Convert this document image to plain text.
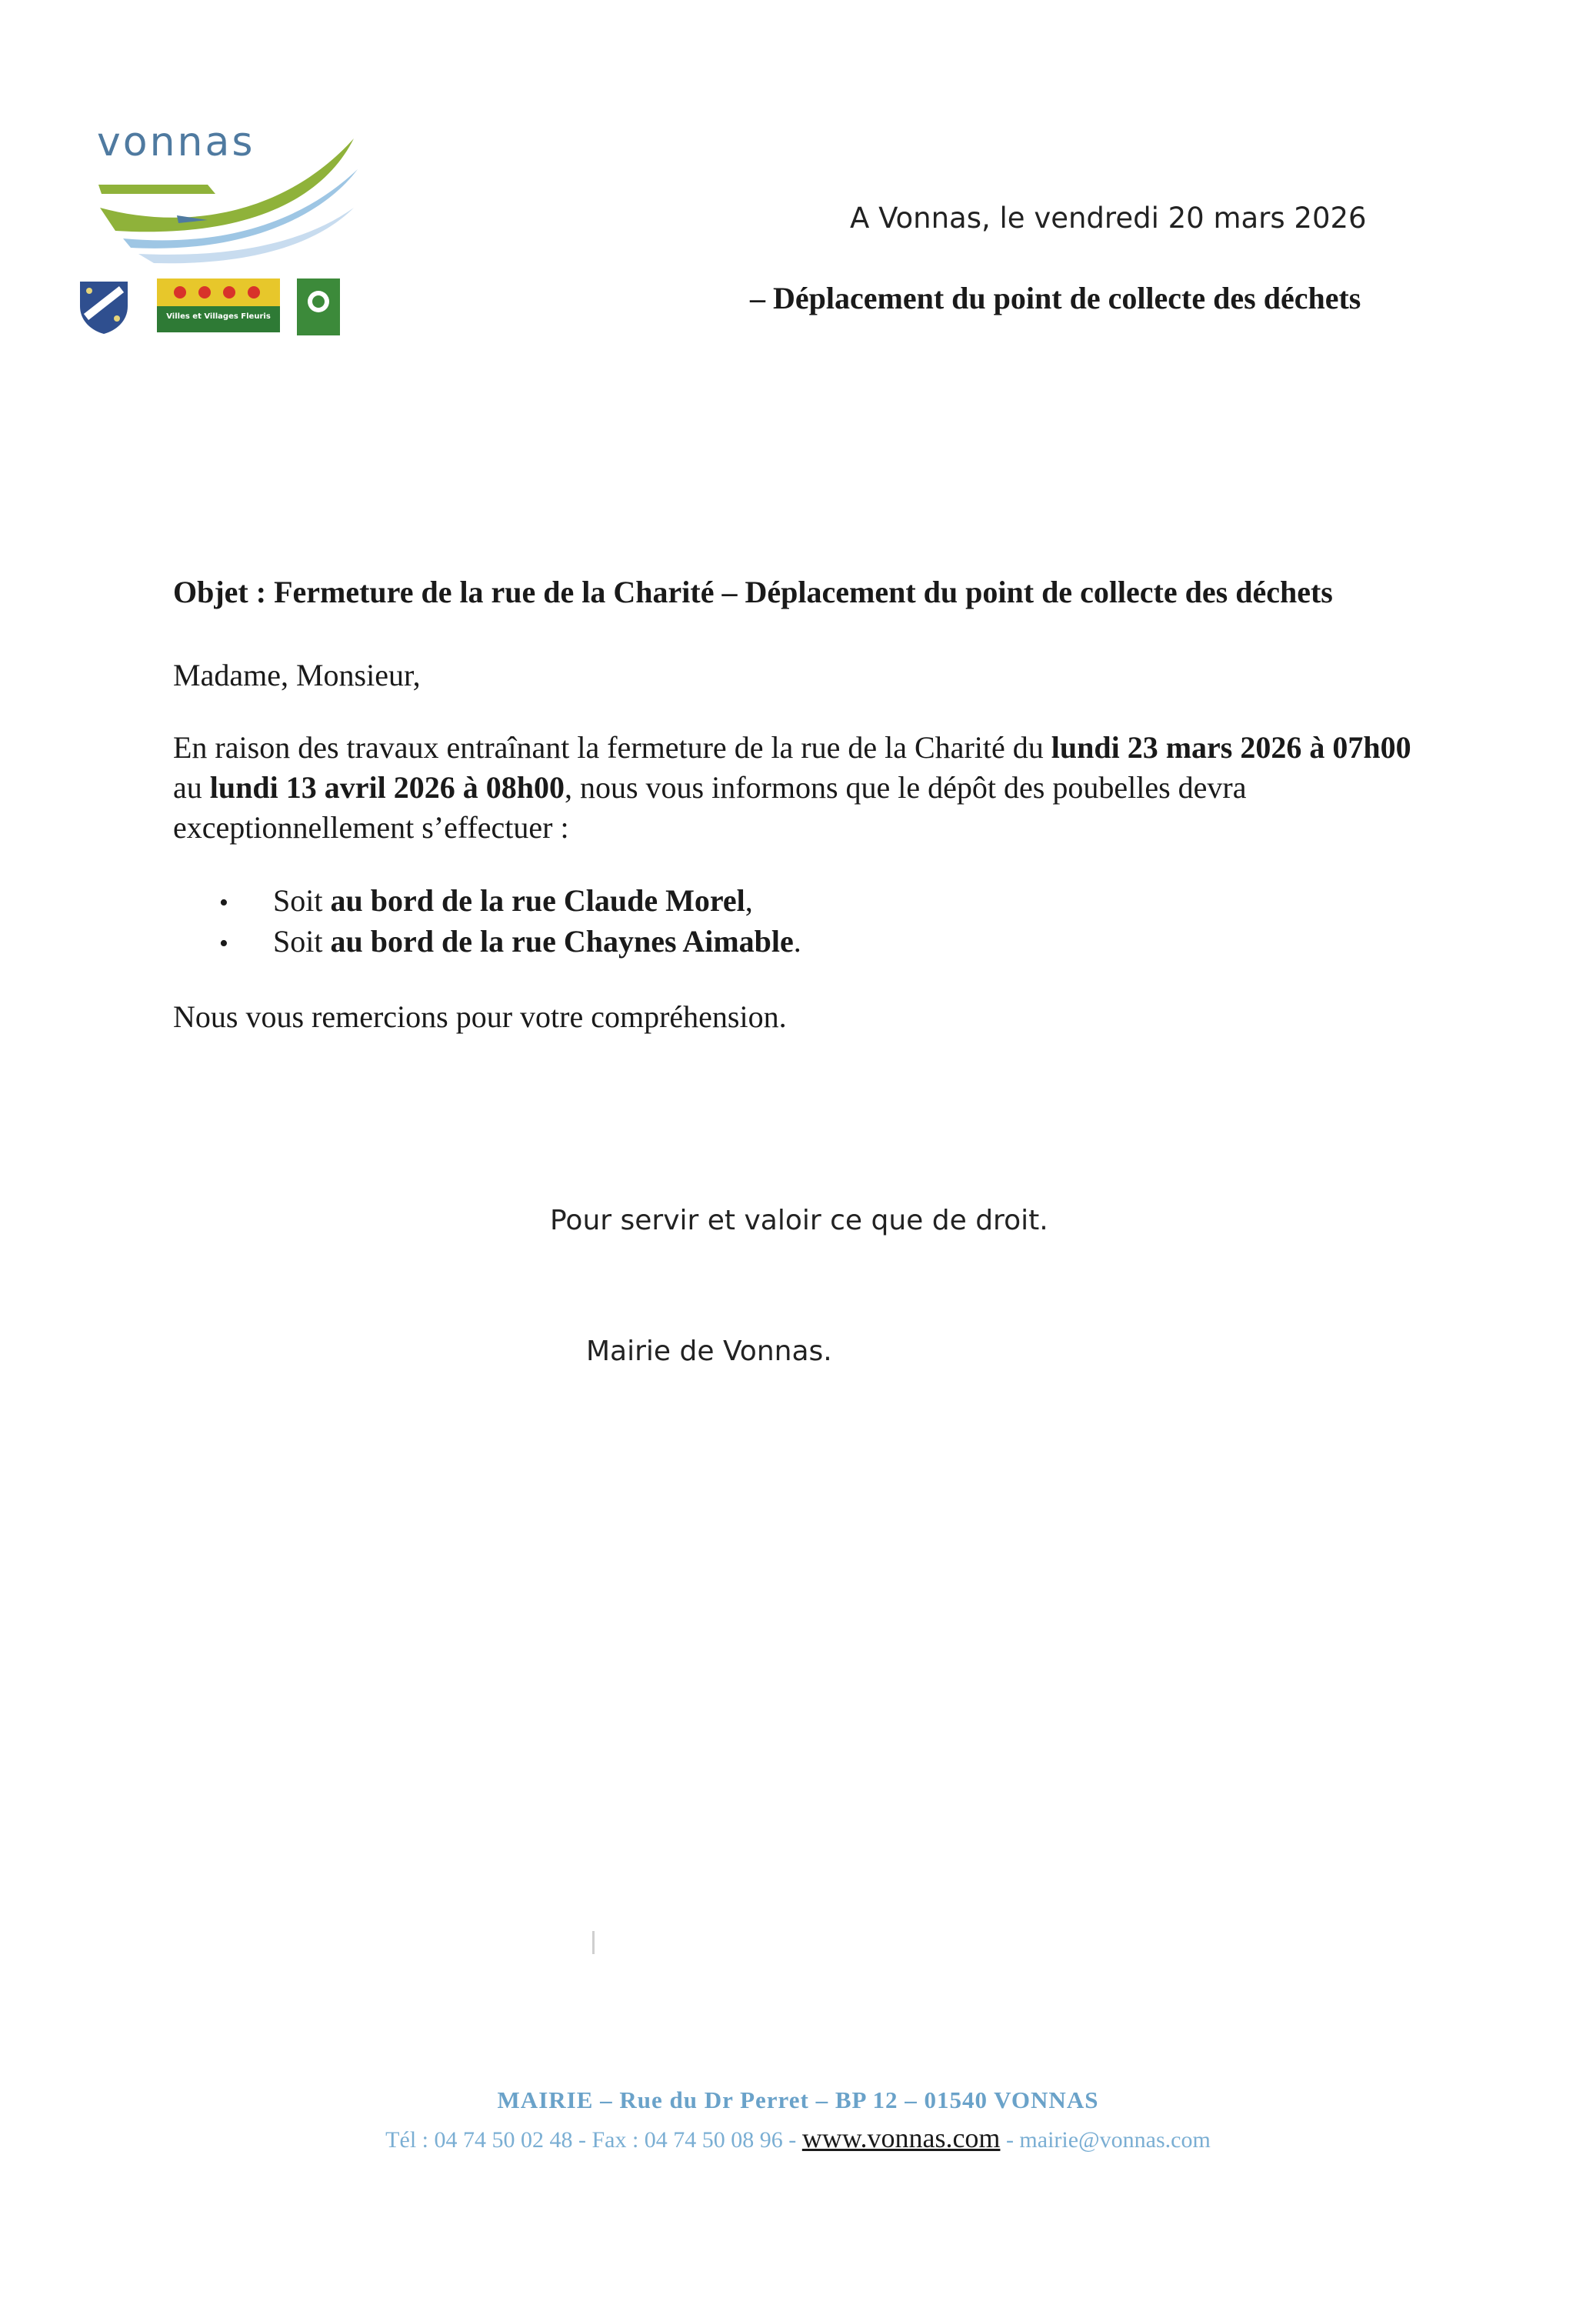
vonnas
Villes et Villages Fleuris
A Vonnas, le vendredi 20 mars 2026
– Déplacement du point de collecte des déchets
Objet : Fermeture de la rue de la Charité – Déplacement du point de collecte des déchets
Madame, Monsieur,
En raison des travaux entraînant la fermeture de la rue de la Charité du lundi 23 mars 2026 à 07h00 au lundi 13 avril 2026 à 08h00, nous vous informons que le dépôt des poubelles devra exceptionnellement s’effectuer :
•	Soit au bord de la rue Claude Morel,
•	Soit au bord de la rue Chaynes Aimable.
Nous vous remercions pour votre compréhension.
Pour servir et valoir ce que de droit.
Mairie de Vonnas.
MAIRIE – Rue du Dr Perret – BP 12 – 01540 VONNAS
Tél : 04 74 50 02 48 - Fax : 04 74 50 08 96 - www.vonnas.com - mairie@vonnas.com
